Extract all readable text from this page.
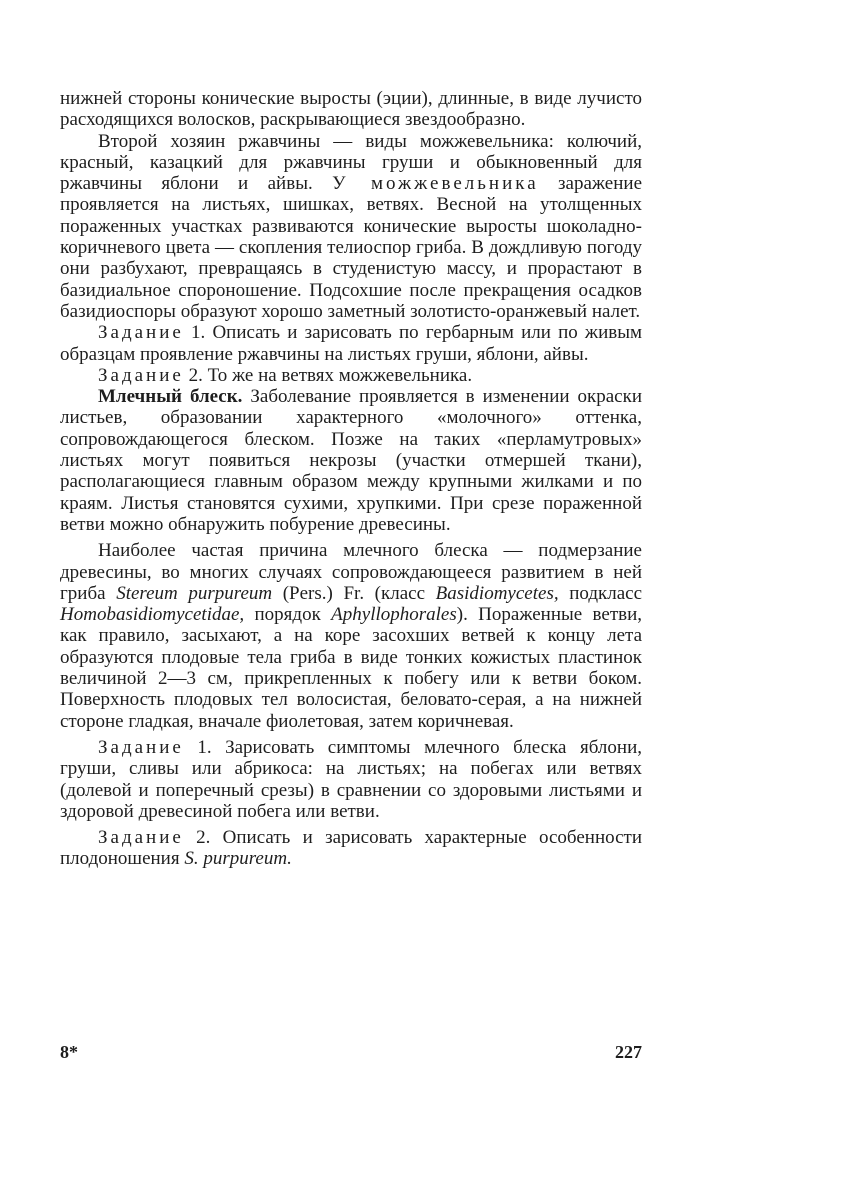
нижней стороны конические выросты (эции), длинные, в виде лучисто расходящихся волосков, раскрывающиеся звездообразно.

Второй хозяин ржавчины — виды можжевельника: колючий, красный, казацкий для ржавчины груши и обыкновенный для ржавчины яблони и айвы. У можжевельника заражение проявляется на листьях, шишках, ветвях. Весной на утолщенных пораженных участках развиваются конические выросты шоколадно-коричневого цвета — скопления телиоспор гриба. В дождливую погоду они разбухают, превращаясь в студенистую массу, и прорастают в базидиальное спороношение. Подсохшие после прекращения осадков базидиоспоры образуют хорошо заметный золотисто-оранжевый налет.

Задание 1. Описать и зарисовать по гербарным или по живым образцам проявление ржавчины на листьях груши, яблони, айвы.

Задание 2. То же на ветвях можжевельника.

Млечный блеск. Заболевание проявляется в изменении окраски листьев, образовании характерного «молочного» оттенка, сопровождающегося блеском. Позже на таких «перламутровых» листьях могут появиться некрозы (участки отмершей ткани), располагающиеся главным образом между крупными жилками и по краям. Листья становятся сухими, хрупкими. При срезе пораженной ветви можно обнаружить побурение древесины.

Наиболее частая причина млечного блеска — подмерзание древесины, во многих случаях сопровождающееся развитием в ней гриба Stereum purpureum (Pers.) Fr. (класс Basidiomycetes, подкласс Homobasidiomycetidae, порядок Aphyllophorales). Пораженные ветви, как правило, засыхают, а на коре засохших ветвей к концу лета образуются плодовые тела гриба в виде тонких кожистых пластинок величиной 2—3 см, прикрепленных к побегу или к ветви боком. Поверхность плодовых тел волосистая, беловато-серая, а на нижней стороне гладкая, вначале фиолетовая, затем коричневая.

Задание 1. Зарисовать симптомы млечного блеска яблони, груши, сливы или абрикоса: на листьях; на побегах или ветвях (долевой и поперечный срезы) в сравнении со здоровыми листьями и здоровой древесиной побега или ветви.

Задание 2. Описать и зарисовать характерные особенности плодоношения S. purpureum.

8*	227
